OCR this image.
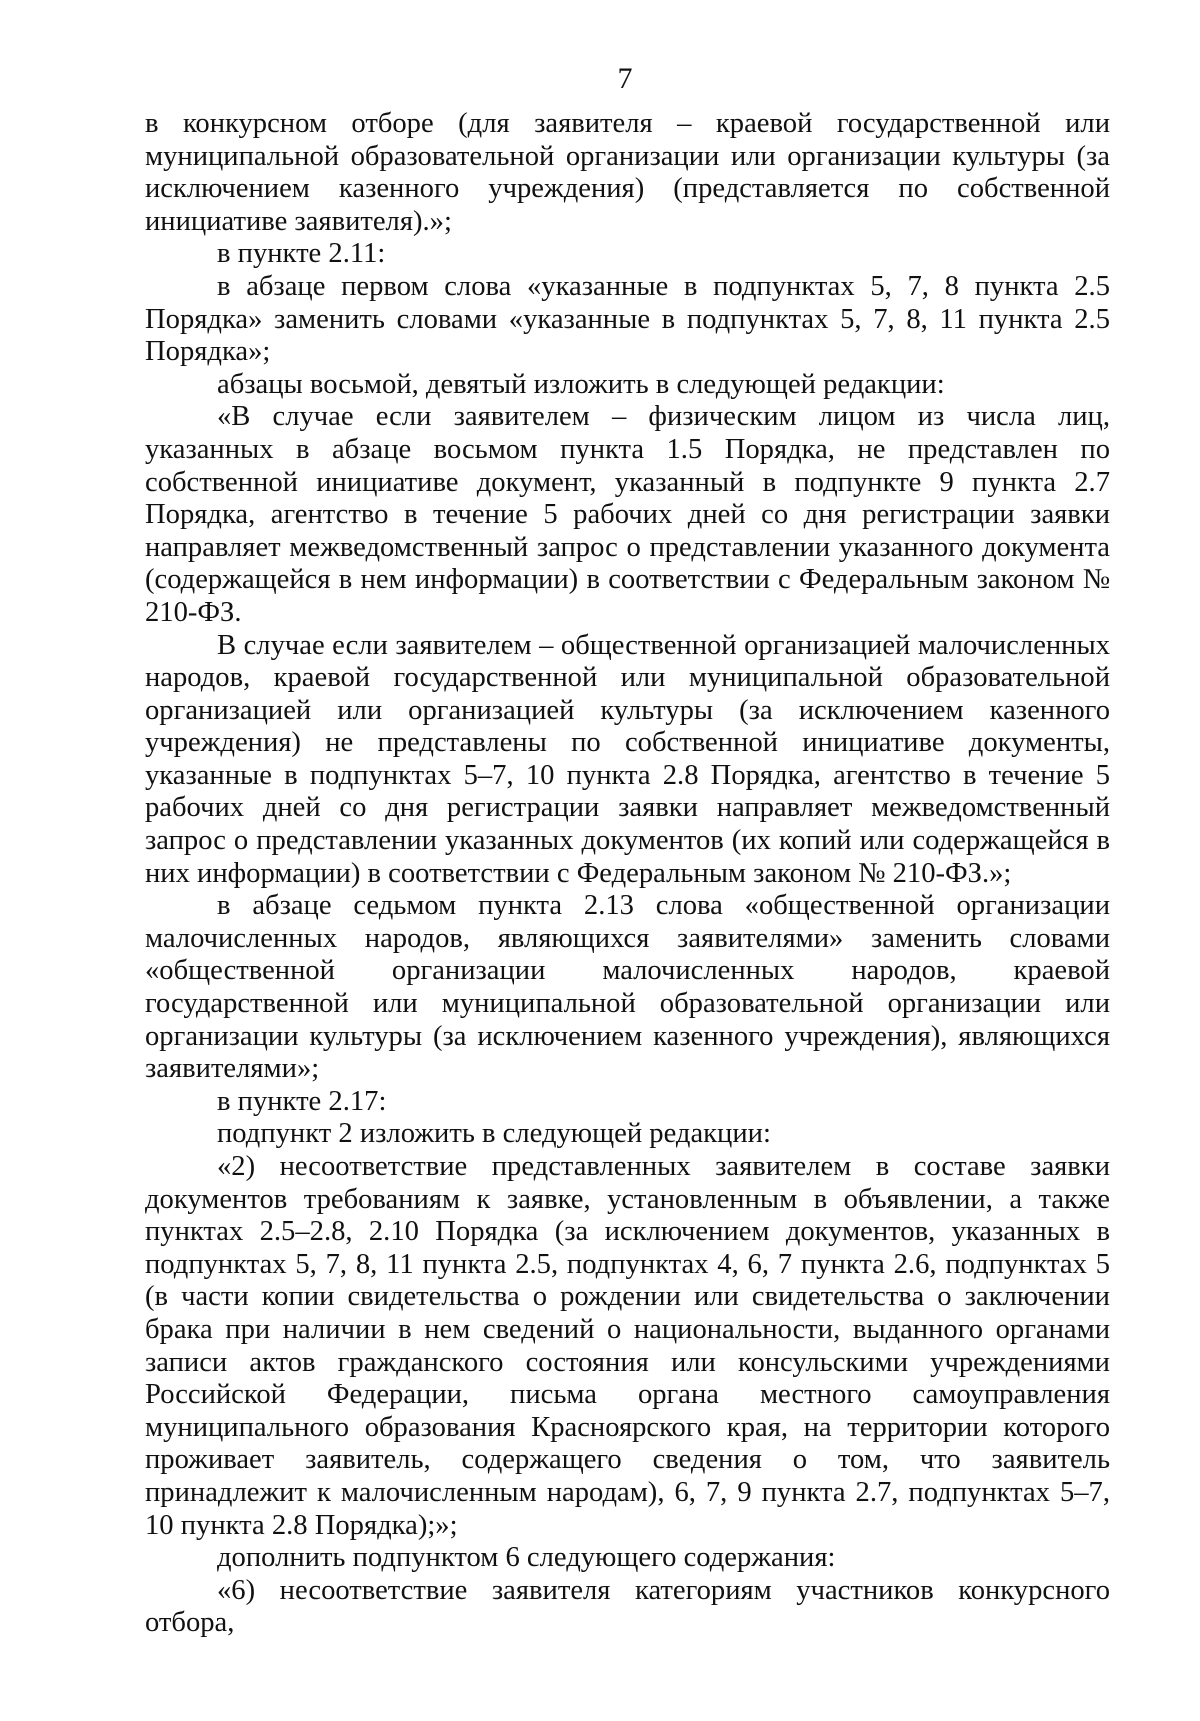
7

в конкурсном отборе (для заявителя – краевой государственной или муниципальной образовательной организации или организации культуры (за исключением казенного учреждения) (представляется по собственной инициативе заявителя).»;

в пункте 2.11:

в абзаце первом слова «указанные в подпунктах 5, 7, 8 пункта 2.5 Порядка» заменить словами «указанные в подпунктах 5, 7, 8, 11 пункта 2.5 Порядка»;

абзацы восьмой, девятый изложить в следующей редакции:

«В случае если заявителем – физическим лицом из числа лиц, указанных в абзаце восьмом пункта 1.5 Порядка, не представлен по собственной инициативе документ, указанный в подпункте 9 пункта 2.7 Порядка, агентство в течение 5 рабочих дней со дня регистрации заявки направляет межведомственный запрос о представлении указанного документа (содержащейся в нем информации) в соответствии с Федеральным законом № 210-ФЗ.

В случае если заявителем – общественной организацией малочисленных народов, краевой государственной или муниципальной образовательной организацией или организацией культуры (за исключением казенного учреждения) не представлены по собственной инициативе документы, указанные в подпунктах 5–7, 10 пункта 2.8 Порядка, агентство в течение 5 рабочих дней со дня регистрации заявки направляет межведомственный запрос о представлении указанных документов (их копий или содержащейся в них информации) в соответствии с Федеральным законом № 210-ФЗ.»;

в абзаце седьмом пункта 2.13 слова «общественной организации малочисленных народов, являющихся заявителями» заменить словами «общественной организации малочисленных народов, краевой государственной или муниципальной образовательной организации или организации культуры (за исключением казенного учреждения), являющихся заявителями»;

в пункте 2.17:

подпункт 2 изложить в следующей редакции:

«2) несоответствие представленных заявителем в составе заявки документов требованиям к заявке, установленным в объявлении, а также пунктах 2.5–2.8, 2.10 Порядка (за исключением документов, указанных в подпунктах 5, 7, 8, 11 пункта 2.5, подпунктах 4, 6, 7 пункта 2.6, подпунктах 5 (в части копии свидетельства о рождении или свидетельства о заключении брака при наличии в нем сведений о национальности, выданного органами записи актов гражданского состояния или консульскими учреждениями Российской Федерации, письма органа местного самоуправления муниципального образования Красноярского края, на территории которого проживает заявитель, содержащего сведения о том, что заявитель принадлежит к малочисленным народам), 6, 7, 9 пункта 2.7, подпунктах 5–7, 10 пункта 2.8 Порядка);»;

дополнить подпунктом 6 следующего содержания:

«6) несоответствие заявителя категориям участников конкурсного отбора,
